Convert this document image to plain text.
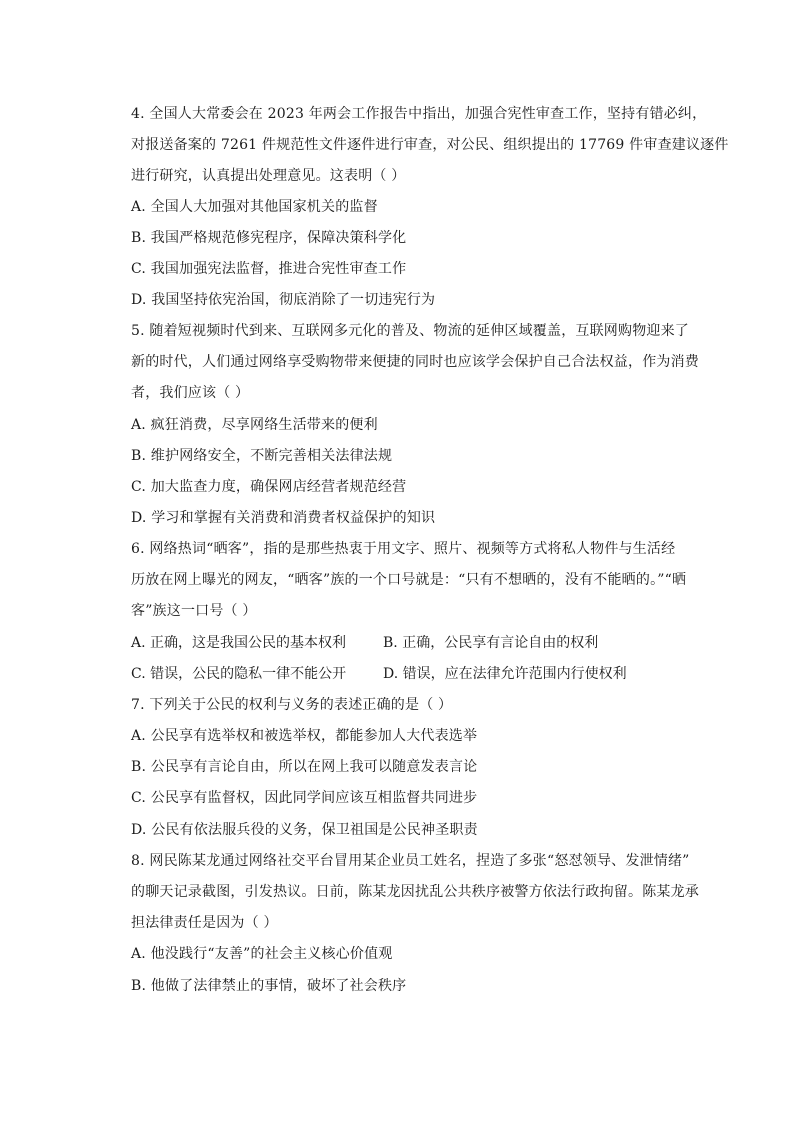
4. 全国人大常委会在 2023 年两会工作报告中指出，加强合宪性审查工作，坚持有错必纠，
对报送备案的 7261 件规范性文件逐件进行审查，对公民、组织提出的 17769 件审查建议逐件
进行研究，认真提出处理意见。这表明（ ）
A. 全国人大加强对其他国家机关的监督
B. 我国严格规范修宪程序，保障决策科学化
C. 我国加强宪法监督，推进合宪性审查工作
D. 我国坚持依宪治国，彻底消除了一切违宪行为
5. 随着短视频时代到来、互联网多元化的普及、物流的延伸区域覆盖，互联网购物迎来了
新的时代，人们通过网络享受购物带来便捷的同时也应该学会保护自己合法权益，作为消费
者，我们应该（ ）
A. 疯狂消费，尽享网络生活带来的便利
B. 维护网络安全，不断完善相关法律法规
C. 加大监查力度，确保网店经营者规范经营
D. 学习和掌握有关消费和消费者权益保护的知识
6. 网络热词“晒客”，指的是那些热衷于用文字、照片、视频等方式将私人物件与生活经
历放在网上曝光的网友，“晒客”族的一个口号就是：“只有不想晒的，没有不能晒的。”“晒
客”族这一口号（ ）
A. 正确，这是我国公民的基本权利	B. 正确，公民享有言论自由的权利
C. 错误，公民的隐私一律不能公开	D. 错误，应在法律允许范围内行使权利
7. 下列关于公民的权利与义务的表述正确的是（ ）
A. 公民享有选举权和被选举权，都能参加人大代表选举
B. 公民享有言论自由，所以在网上我可以随意发表言论
C. 公民享有监督权，因此同学间应该互相监督共同进步
D. 公民有依法服兵役的义务，保卫祖国是公民神圣职责
8. 网民陈某龙通过网络社交平台冒用某企业员工姓名，捏造了多张“怒怼领导、发泄情绪”
的聊天记录截图，引发热议。日前，陈某龙因扰乱公共秩序被警方依法行政拘留。陈某龙承
担法律责任是因为（ ）
A. 他没践行“友善”的社会主义核心价值观
B. 他做了法律禁止的事情，破坏了社会秩序
